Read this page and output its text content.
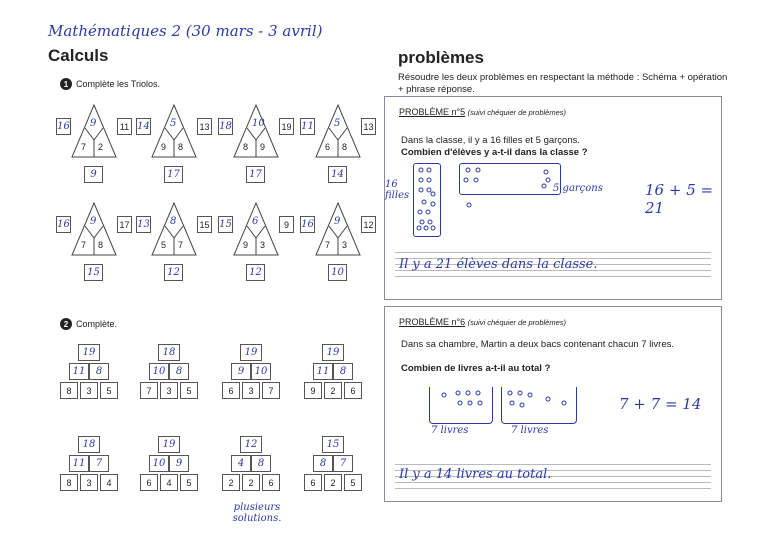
Mathématiques 2 (30 mars - 3 avril)
Calculs
1 Complète les Triolos.
16	11
9
7 2
9
14	13
5
9 8
17
18	19
10
8 9
17
11	13
5
6 8
14
16	17
9
7 8
15
13	15
8
5 7
12
15	9
6
9 3
12
16	12
9
7 3
10
2 Complète.
19
11	8
8	3	5
18
10	8
7	3	5
19
9	10
6	3	7
19
11	8
9	2	6
18
11	7
8	3	4
19
10	9
6	4	5
12
4	8
2	2	6
15
8	7
6	2	5
plusieurs solutions.
problèmes
Résoudre les deux problèmes en respectant la méthode : Schéma + opération + phrase réponse.
PROBLÈME n°5 (suivi chéquier de problèmes)
Dans la classe, il y a 16 filles et 5 garçons.
Combien d'élèves y a-t-il dans la classe ?
16 filles
5 garçons	16 + 5 = 21
Il y a 21 élèves dans la classe.
PROBLÈME n°6 (suivi chéquier de problèmes)
Dans sa chambre, Martin a deux bacs contenant chacun 7 livres.
Combien de livres a-t-il au total ?
7 livres	7 livres
7 + 7 = 14
Il y a 14 livres au total.
